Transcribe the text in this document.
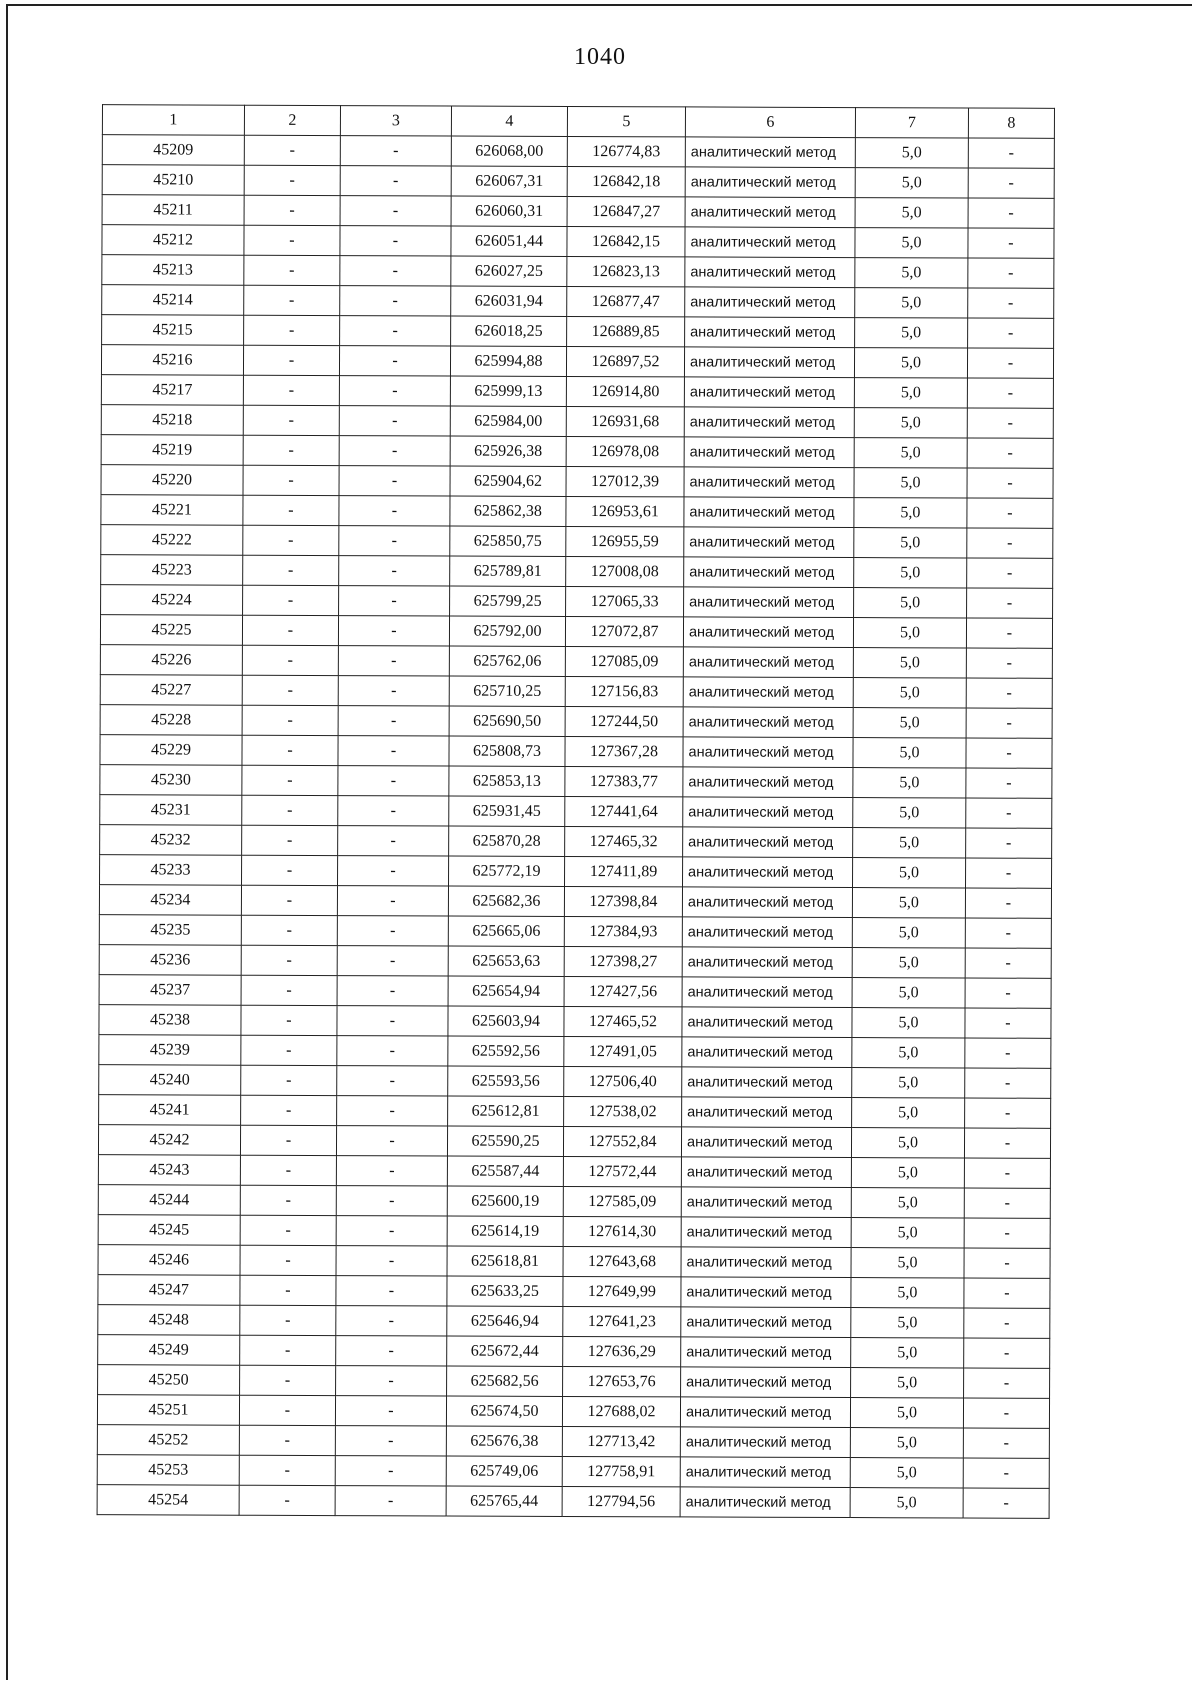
1040
1	2	3	4	5	6	7	8
45209	-	-	626068,00	126774,83	аналитический метод	5,0	-
45210	-	-	626067,31	126842,18	аналитический метод	5,0	-
45211	-	-	626060,31	126847,27	аналитический метод	5,0	-
45212	-	-	626051,44	126842,15	аналитический метод	5,0	-
45213	-	-	626027,25	126823,13	аналитический метод	5,0	-
45214	-	-	626031,94	126877,47	аналитический метод	5,0	-
45215	-	-	626018,25	126889,85	аналитический метод	5,0	-
45216	-	-	625994,88	126897,52	аналитический метод	5,0	-
45217	-	-	625999,13	126914,80	аналитический метод	5,0	-
45218	-	-	625984,00	126931,68	аналитический метод	5,0	-
45219	-	-	625926,38	126978,08	аналитический метод	5,0	-
45220	-	-	625904,62	127012,39	аналитический метод	5,0	-
45221	-	-	625862,38	126953,61	аналитический метод	5,0	-
45222	-	-	625850,75	126955,59	аналитический метод	5,0	-
45223	-	-	625789,81	127008,08	аналитический метод	5,0	-
45224	-	-	625799,25	127065,33	аналитический метод	5,0	-
45225	-	-	625792,00	127072,87	аналитический метод	5,0	-
45226	-	-	625762,06	127085,09	аналитический метод	5,0	-
45227	-	-	625710,25	127156,83	аналитический метод	5,0	-
45228	-	-	625690,50	127244,50	аналитический метод	5,0	-
45229	-	-	625808,73	127367,28	аналитический метод	5,0	-
45230	-	-	625853,13	127383,77	аналитический метод	5,0	-
45231	-	-	625931,45	127441,64	аналитический метод	5,0	-
45232	-	-	625870,28	127465,32	аналитический метод	5,0	-
45233	-	-	625772,19	127411,89	аналитический метод	5,0	-
45234	-	-	625682,36	127398,84	аналитический метод	5,0	-
45235	-	-	625665,06	127384,93	аналитический метод	5,0	-
45236	-	-	625653,63	127398,27	аналитический метод	5,0	-
45237	-	-	625654,94	127427,56	аналитический метод	5,0	-
45238	-	-	625603,94	127465,52	аналитический метод	5,0	-
45239	-	-	625592,56	127491,05	аналитический метод	5,0	-
45240	-	-	625593,56	127506,40	аналитический метод	5,0	-
45241	-	-	625612,81	127538,02	аналитический метод	5,0	-
45242	-	-	625590,25	127552,84	аналитический метод	5,0	-
45243	-	-	625587,44	127572,44	аналитический метод	5,0	-
45244	-	-	625600,19	127585,09	аналитический метод	5,0	-
45245	-	-	625614,19	127614,30	аналитический метод	5,0	-
45246	-	-	625618,81	127643,68	аналитический метод	5,0	-
45247	-	-	625633,25	127649,99	аналитический метод	5,0	-
45248	-	-	625646,94	127641,23	аналитический метод	5,0	-
45249	-	-	625672,44	127636,29	аналитический метод	5,0	-
45250	-	-	625682,56	127653,76	аналитический метод	5,0	-
45251	-	-	625674,50	127688,02	аналитический метод	5,0	-
45252	-	-	625676,38	127713,42	аналитический метод	5,0	-
45253	-	-	625749,06	127758,91	аналитический метод	5,0	-
45254	-	-	625765,44	127794,56	аналитический метод	5,0	-
